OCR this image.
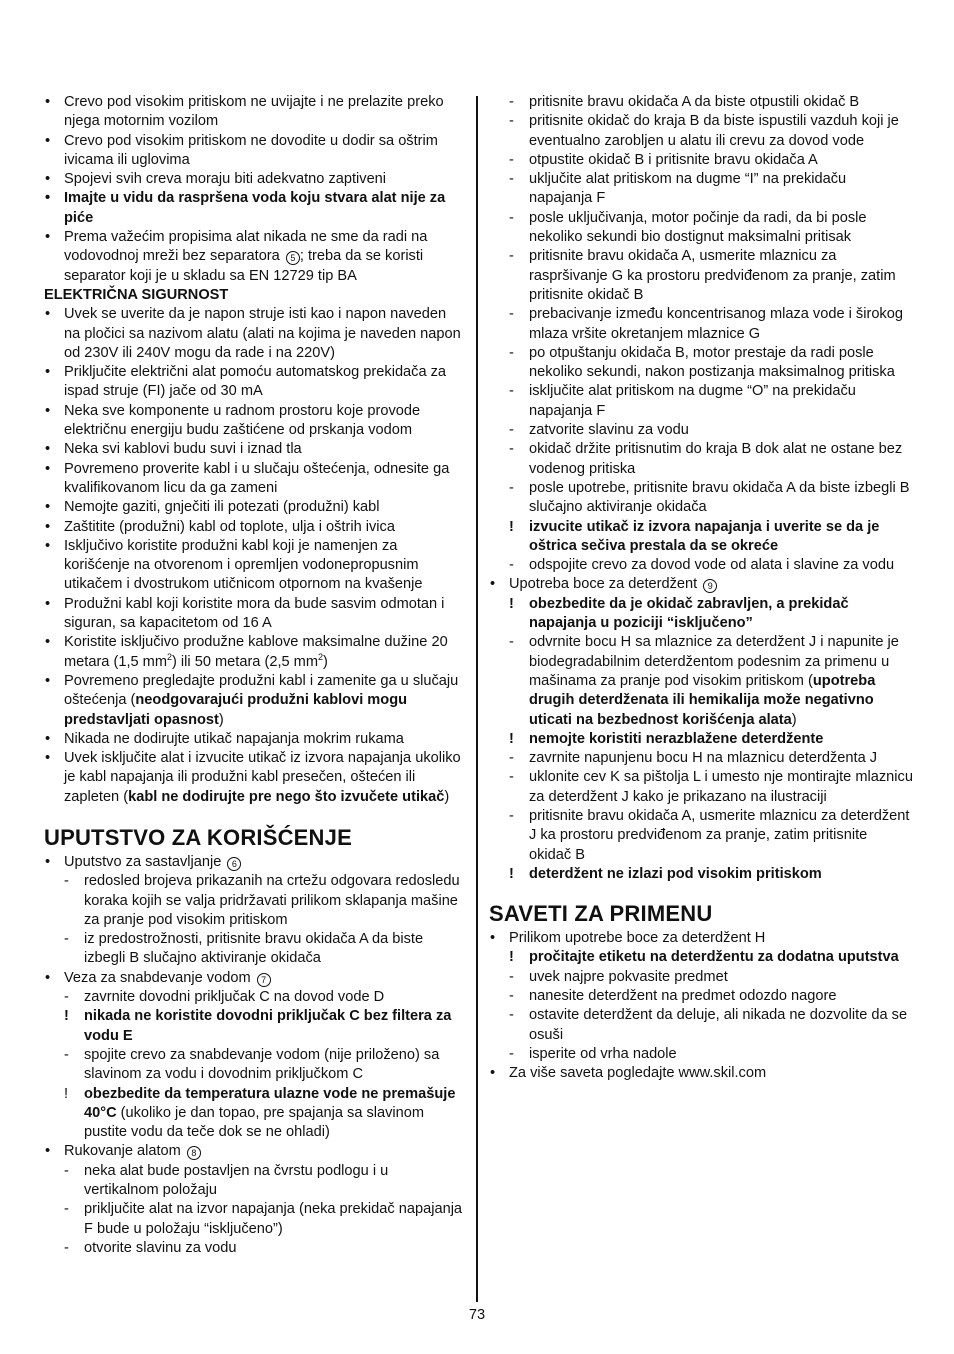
• Crevo pod visokim pritiskom ne uvijajte i ne prelazite preko njega motornim vozilom
• Crevo pod visokim pritiskom ne dovodite u dodir sa oštrim ivicama ili uglovima
• Spojevi svih creva moraju biti adekvatno zaptiveni
• Imajte u vidu da raspršena voda koju stvara alat nije za piće
• Prema važećim propisima alat nikada ne sme da radi na vodovodnoj mreži bez separatora 5 ; treba da se koristi separator koji je u skladu sa EN 12729 tip BA
ELEKTRIČNA SIGURNOST
• Uvek se uverite da je napon struje isti kao i napon naveden na pločici sa nazivom alatu (alati na kojima je naveden napon od 230V ili 240V mogu da rade i na 220V)
• Priključite električni alat pomoću automatskog prekidača za ispad struje (FI) jače od 30 mA
• Neka sve komponente u radnom prostoru koje provode električnu energiju budu zaštićene od prskanja vodom
• Neka svi kablovi budu suvi i iznad tla
• Povremeno proverite kabl i u slučaju oštećenja, odnesite ga kvalifikovanom licu da ga zameni
• Nemojte gaziti, gnječiti ili potezati (produžni) kabl
• Zaštitite (produžni) kabl od toplote, ulja i oštrih ivica
• Isključivo koristite produžni kabl koji je namenjen za korišćenje na otvorenom i opremljen vodonepropusnim utikačem i dvostrukom utičnicom otpornom na kvašenje
• Produžni kabl koji koristite mora da bude sasvim odmotan i siguran, sa kapacitetom od 16 A
• Koristite isključivo produžne kablove maksimalne dužine 20 metara (1,5 $mm^2$) ili 50 metara (2,5 $mm^2$)
• Povremeno pregledajte produžni kabl i zamenite ga u slučaju oštećenja (neodgovarajući produžni kablovi mogu predstavljati opasnost)
• Nikada ne dodirujte utikač napajanja mokrim rukama
• Uvek isključite alat i izvucite utikač iz izvora napajanja ukoliko je kabl napajanja ili produžni kabl presečen, oštećen ili zapleten (kabl ne dodirujte pre nego što izvučete utikač)
UPUTSTVO ZA KORIŠĆENJE
• Uputstvo za sastavljanje 6
-	redosled brojeva prikazanih na crtežu odgovara redosledu koraka kojih se valja pridržavati prilikom sklapanja mašine za pranje pod visokim pritiskom
-	iz predostrožnosti, pritisnite bravu okidača A da biste izbegli B slučajno aktiviranje okidača
• Veza za snabdevanje vodom 7
-	zavrnite dovodni priključak C na dovod vode D
!	nikada ne koristite dovodni priključak C bez filtera za vodu E
-	spojite crevo za snabdevanje vodom (nije priloženo) sa slavinom za vodu i dovodnim priključkom C
!	obezbedite da temperatura ulazne vode ne premašuje 40°C (ukoliko je dan topao, pre spajanja sa slavinom pustite vodu da teče dok se ne ohladi)
• Rukovanje alatom 8
-	neka alat bude postavljen na čvrstu podlogu i u vertikalnom položaju
-	priključite alat na izvor napajanja (neka prekidač napajanja F bude u položaju “isključeno”)
-	otvorite slavinu za vodu
-	pritisnite bravu okidača A da biste otpustili okidač B
-	pritisnite okidač do kraja B da biste ispustili vazduh koji je eventualno zarobljen u alatu ili crevu za dovod vode
-	otpustite okidač B i pritisnite bravu okidača A
-	uključite alat pritiskom na dugme “I” na prekidaču napajanja F
-	posle uključivanja, motor počinje da radi, da bi posle nekoliko sekundi bio dostignut maksimalni pritisak
-	pritisnite bravu okidača A, usmerite mlaznicu za raspršivanje G ka prostoru predviđenom za pranje, zatim pritisnite okidač B
-	prebacivanje između koncentrisanog mlaza vode i širokog mlaza vršite okretanjem mlaznice G
-	po otpuštanju okidača B, motor prestaje da radi posle nekoliko sekundi, nakon postizanja maksimalnog pritiska
-	isključite alat pritiskom na dugme “O” na prekidaču napajanja F
-	zatvorite slavinu za vodu
-	okidač držite pritisnutim do kraja B dok alat ne ostane bez vodenog pritiska
-	posle upotrebe, pritisnite bravu okidača A da biste izbegli B slučajno aktiviranje okidača
!	izvucite utikač iz izvora napajanja i uverite se da je oštrica sečiva prestala da se okreće
-	odspojite crevo za dovod vode od alata i slavine za vodu
• Upotreba boce za deterdžent 9
!	obezbedite da je okidač zabravljen, a prekidač napajanja u poziciji “isključeno”
-	odvrnite bocu H sa mlaznice za deterdžent J i napunite je biodegradabilnim deterdžentom podesnim za primenu u mašinama za pranje pod visokim pritiskom (upotreba drugih deterdženata ili hemikalija može negativno uticati na bezbednost korišćenja alata)
!	nemojte koristiti nerazblažene deterdžente
-	zavrnite napunjenu bocu H na mlaznicu deterdženta J
-	uklonite cev K sa pištolja L i umesto nje montirajte mlaznicu za deterdžent J kako je prikazano na ilustraciji
-	pritisnite bravu okidača A, usmerite mlaznicu za deterdžent J ka prostoru predviđenom za pranje, zatim pritisnite okidač B
!	deterdžent ne izlazi pod visokim pritiskom
SAVETI ZA PRIMENU
• Prilikom upotrebe boce za deterdžent H
!	pročitajte etiketu na deterdžentu za dodatna uputstva
-	uvek najpre pokvasite predmet
-	nanesite deterdžent na predmet odozdo nagore
-	ostavite deterdžent da deluje, ali nikada ne dozvolite da se osuši
-	isperite od vrha nadole
• Za više saveta pogledajte www.skil.com
73
